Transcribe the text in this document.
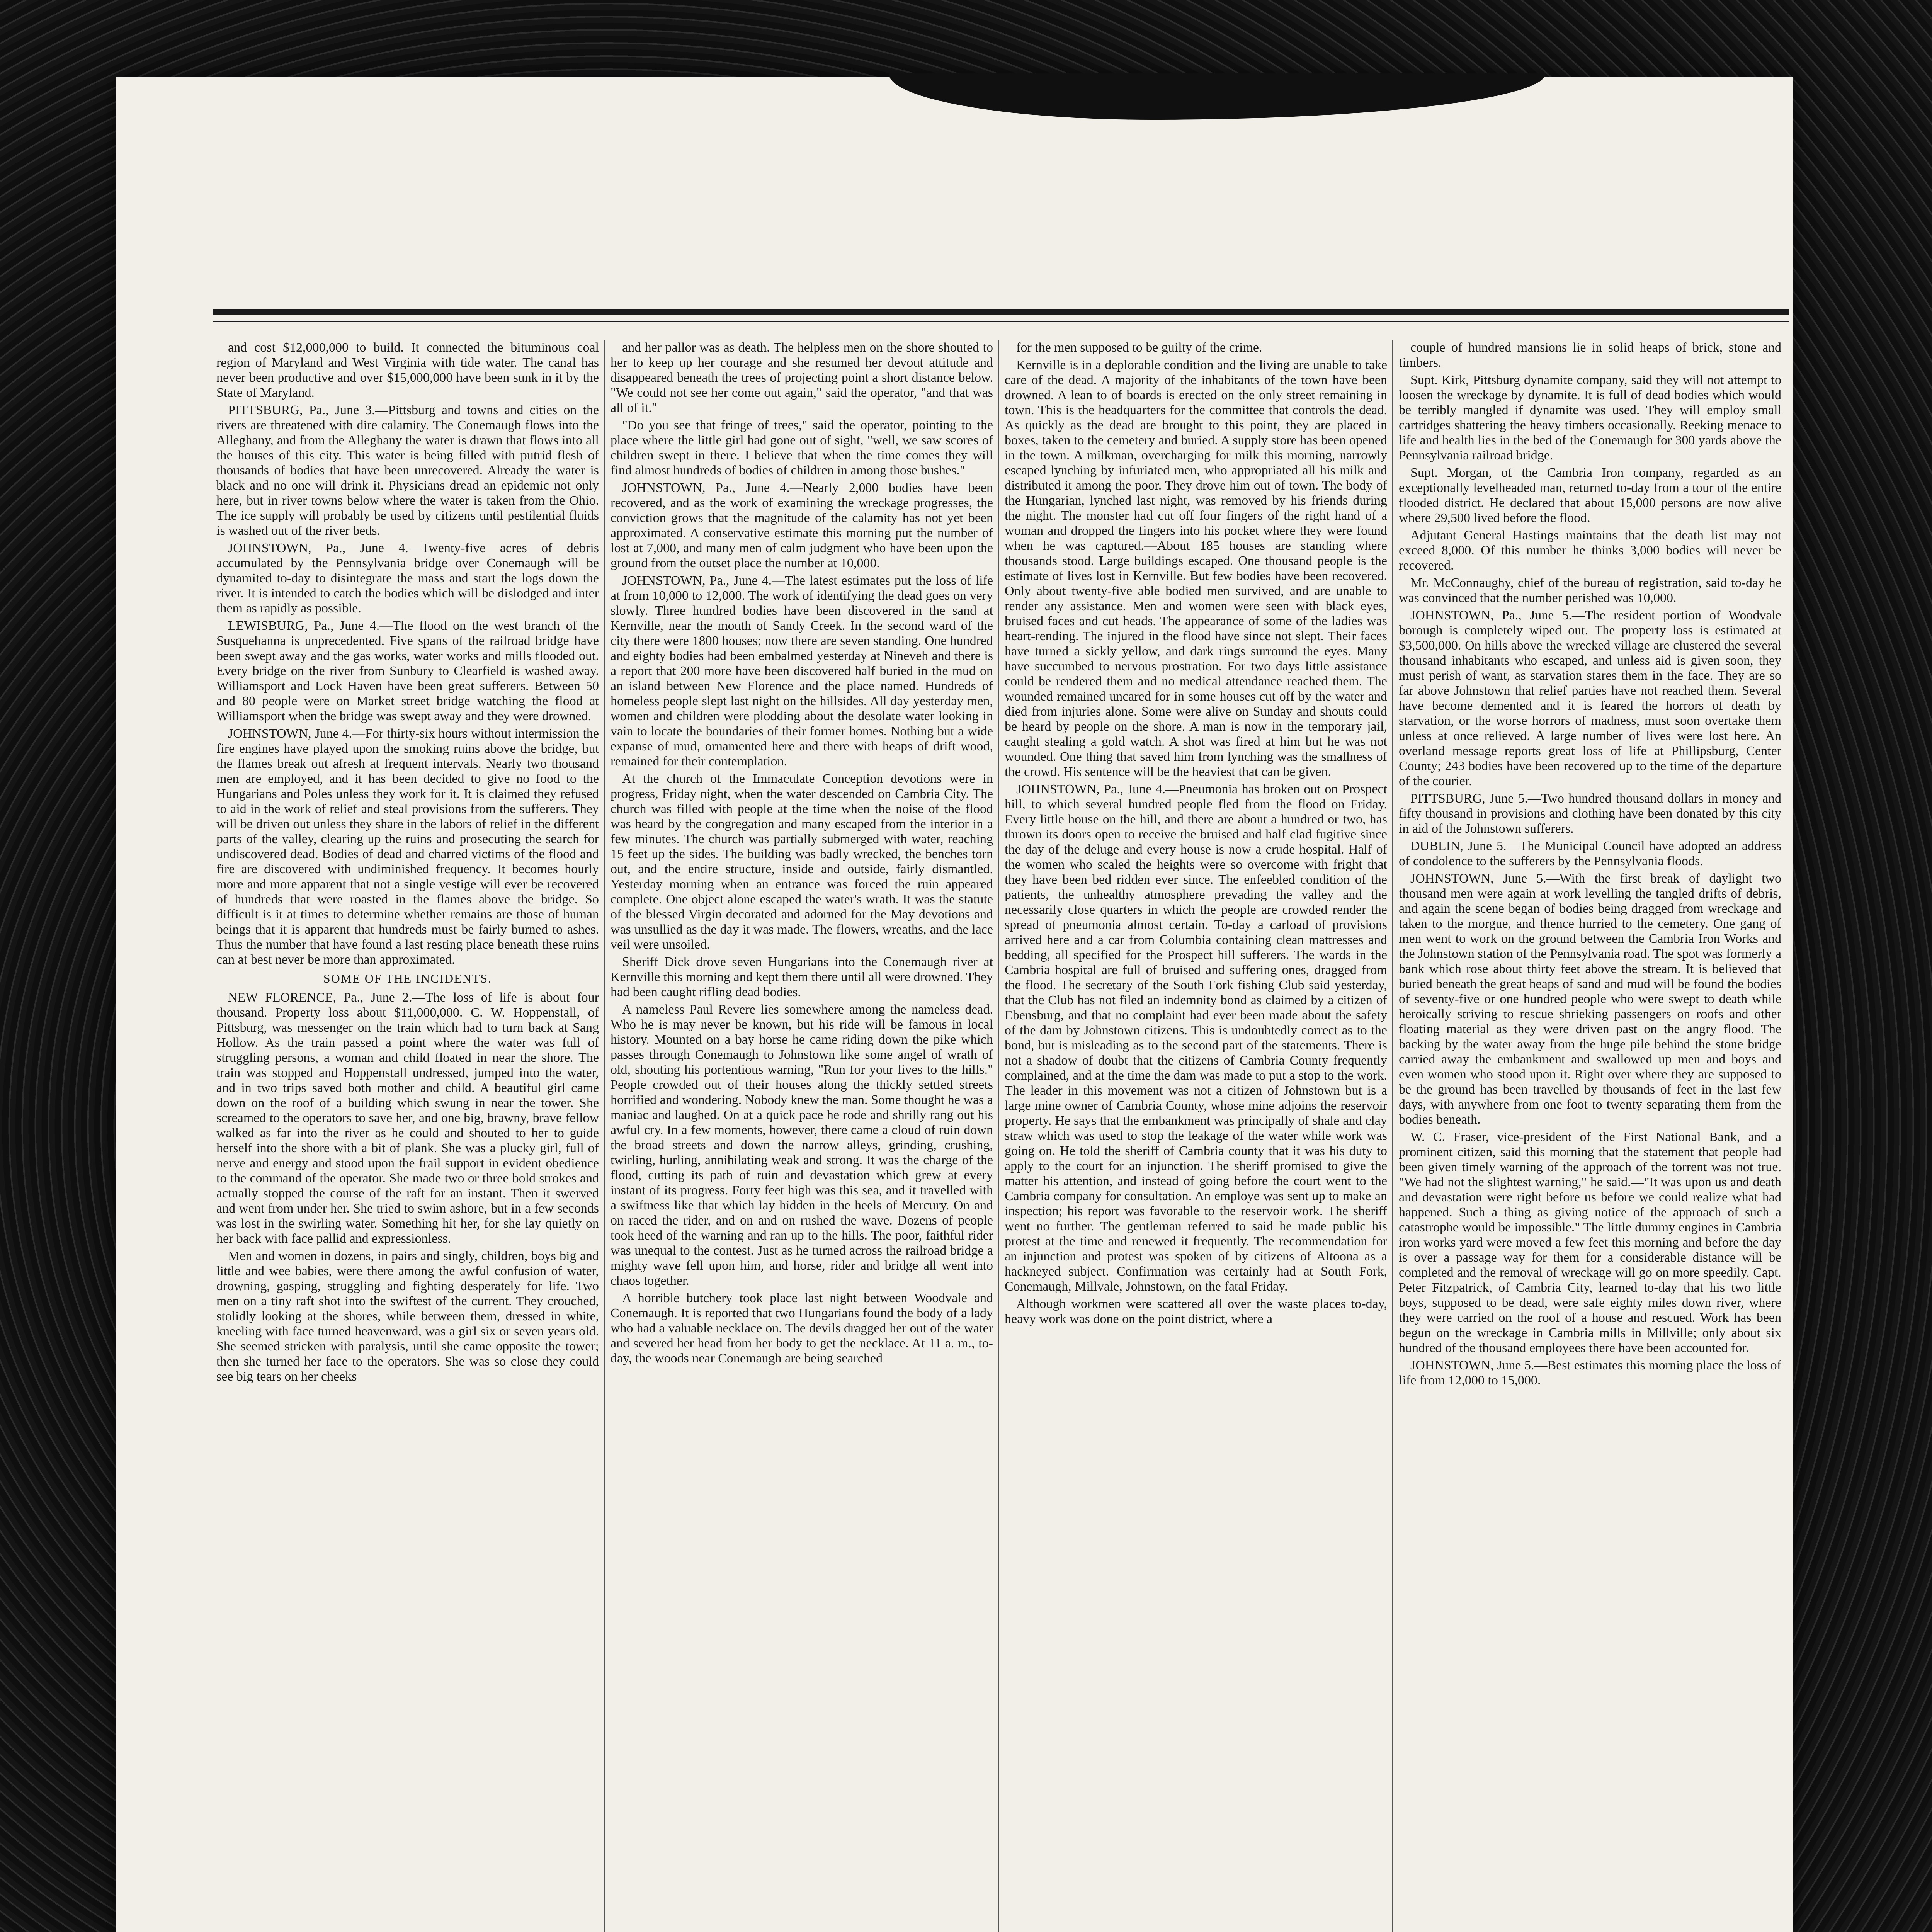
and cost $12,000,000 to build. It connected the bituminous coal region of Maryland and West Virginia with tide water. The canal has never been productive and over $15,000,000 have been sunk in it by the State of Maryland.

PITTSBURG, Pa., June 3.—Pittsburg and towns and cities on the rivers are threatened with dire calamity. The Conemaugh flows into the Alleghany, and from the Alleghany the water is drawn that flows into all the houses of this city. This water is being filled with putrid flesh of thousands of bodies that have been unrecovered. Already the water is black and no one will drink it. Physicians dread an epidemic not only here, but in river towns below where the water is taken from the Ohio. The ice supply will probably be used by citizens until pestilential fluids is washed out of the river beds.

JOHNSTOWN, Pa., June 4.—Twenty-five acres of debris accumulated by the Pennsylvania bridge over Conemaugh will be dynamited to-day to disintegrate the mass and start the logs down the river. It is intended to catch the bodies which will be dislodged and inter them as rapidly as possible.

LEWISBURG, Pa., June 4.—The flood on the west branch of the Susquehanna is unprecedented. Five spans of the railroad bridge have been swept away and the gas works, water works and mills flooded out. Every bridge on the river from Sunbury to Clearfield is washed away. Williamsport and Lock Haven have been great sufferers. Between 50 and 80 people were on Market street bridge watching the flood at Williamsport when the bridge was swept away and they were drowned.

JOHNSTOWN, June 4.—For thirty-six hours without intermission the fire engines have played upon the smoking ruins above the bridge, but the flames break out afresh at frequent intervals. Nearly two thousand men are employed, and it has been decided to give no food to the Hungarians and Poles unless they work for it. It is claimed they refused to aid in the work of relief and steal provisions from the sufferers. They will be driven out unless they share in the labors of relief in the different parts of the valley, clearing up the ruins and prosecuting the search for undiscovered dead. Bodies of dead and charred victims of the flood and fire are discovered with undiminished frequency. It becomes hourly more and more apparent that not a single vestige will ever be recovered of hundreds that were roasted in the flames above the bridge. So difficult is it at times to determine whether remains are those of human beings that it is apparent that hundreds must be fairly burned to ashes. Thus the number that have found a last resting place beneath these ruins can at best never be more than approximated.

SOME OF THE INCIDENTS.

NEW FLORENCE, Pa., June 2.—The loss of life is about four thousand. Property loss about $11,000,000. C. W. Hoppenstall, of Pittsburg, was messenger on the train which had to turn back at Sang Hollow. As the train passed a point where the water was full of struggling persons, a woman and child floated in near the shore. The train was stopped and Hoppenstall undressed, jumped into the water, and in two trips saved both mother and child. A beautiful girl came down on the roof of a building which swung in near the tower. She screamed to the operators to save her, and one big, brawny, brave fellow walked as far into the river as he could and shouted to her to guide herself into the shore with a bit of plank. She was a plucky girl, full of nerve and energy and stood upon the frail support in evident obedience to the command of the operator. She made two or three bold strokes and actually stopped the course of the raft for an instant. Then it swerved and went from under her. She tried to swim ashore, but in a few seconds was lost in the swirling water. Something hit her, for she lay quietly on her back with face pallid and expressionless.

Men and women in dozens, in pairs and singly, children, boys big and little and wee babies, were there among the awful confusion of water, drowning, gasping, struggling and fighting desperately for life. Two men on a tiny raft shot into the swiftest of the current. They crouched, stolidly looking at the shores, while between them, dressed in white, kneeling with face turned heavenward, was a girl six or seven years old. She seemed stricken with paralysis, until she came opposite the tower; then she turned her face to the operators. She was so close they could see big tears on her cheeks

and her pallor was as death. The helpless men on the shore shouted to her to keep up her courage and she resumed her devout attitude and disappeared beneath the trees of projecting point a short distance below. "We could not see her come out again," said the operator, "and that was all of it."

"Do you see that fringe of trees," said the operator, pointing to the place where the little girl had gone out of sight, "well, we saw scores of children swept in there. I believe that when the time comes they will find almost hundreds of bodies of children in among those bushes."

JOHNSTOWN, Pa., June 4.—Nearly 2,000 bodies have been recovered, and as the work of examining the wreckage progresses, the conviction grows that the magnitude of the calamity has not yet been approximated. A conservative estimate this morning put the number of lost at 7,000, and many men of calm judgment who have been upon the ground from the outset place the number at 10,000.

JOHNSTOWN, Pa., June 4.—The latest estimates put the loss of life at from 10,000 to 12,000. The work of identifying the dead goes on very slowly. Three hundred bodies have been discovered in the sand at Kernville, near the mouth of Sandy Creek. In the second ward of the city there were 1800 houses; now there are seven standing. One hundred and eighty bodies had been embalmed yesterday at Nineveh and there is a report that 200 more have been discovered half buried in the mud on an island between New Florence and the place named. Hundreds of homeless people slept last night on the hillsides. All day yesterday men, women and children were plodding about the desolate water looking in vain to locate the boundaries of their former homes. Nothing but a wide expanse of mud, ornamented here and there with heaps of drift wood, remained for their contemplation.

At the church of the Immaculate Conception devotions were in progress, Friday night, when the water descended on Cambria City. The church was filled with people at the time when the noise of the flood was heard by the congregation and many escaped from the interior in a few minutes. The church was partially submerged with water, reaching 15 feet up the sides. The building was badly wrecked, the benches torn out, and the entire structure, inside and outside, fairly dismantled. Yesterday morning when an entrance was forced the ruin appeared complete. One object alone escaped the water's wrath. It was the statute of the blessed Virgin decorated and adorned for the May devotions and was unsullied as the day it was made. The flowers, wreaths, and the lace veil were unsoiled.

Sheriff Dick drove seven Hungarians into the Conemaugh river at Kernville this morning and kept them there until all were drowned. They had been caught rifling dead bodies.

A nameless Paul Revere lies somewhere among the nameless dead. Who he is may never be known, but his ride will be famous in local history. Mounted on a bay horse he came riding down the pike which passes through Conemaugh to Johnstown like some angel of wrath of old, shouting his portentious warning, "Run for your lives to the hills." People crowded out of their houses along the thickly settled streets horrified and wondering. Nobody knew the man. Some thought he was a maniac and laughed. On at a quick pace he rode and shrilly rang out his awful cry. In a few moments, however, there came a cloud of ruin down the broad streets and down the narrow alleys, grinding, crushing, twirling, hurling, annihilating weak and strong. It was the charge of the flood, cutting its path of ruin and devastation which grew at every instant of its progress. Forty feet high was this sea, and it travelled with a swiftness like that which lay hidden in the heels of Mercury. On and on raced the rider, and on and on rushed the wave. Dozens of people took heed of the warning and ran up to the hills. The poor, faithful rider was unequal to the contest. Just as he turned across the railroad bridge a mighty wave fell upon him, and horse, rider and bridge all went into chaos together.

A horrible butchery took place last night between Woodvale and Conemaugh. It is reported that two Hungarians found the body of a lady who had a valuable necklace on. The devils dragged her out of the water and severed her head from her body to get the necklace. At 11 a. m., to-day, the woods near Conemaugh are being searched

for the men supposed to be guilty of the crime.

Kernville is in a deplorable condition and the living are unable to take care of the dead. A majority of the inhabitants of the town have been drowned. A lean to of boards is erected on the only street remaining in town. This is the headquarters for the committee that controls the dead. As quickly as the dead are brought to this point, they are placed in boxes, taken to the cemetery and buried. A supply store has been opened in the town. A milkman, overcharging for milk this morning, narrowly escaped lynching by infuriated men, who appropriated all his milk and distributed it among the poor. They drove him out of town. The body of the Hungarian, lynched last night, was removed by his friends during the night. The monster had cut off four fingers of the right hand of a woman and dropped the fingers into his pocket where they were found when he was captured.—About 185 houses are standing where thousands stood. Large buildings escaped. One thousand people is the estimate of lives lost in Kernville. But few bodies have been recovered. Only about twenty-five able bodied men survived, and are unable to render any assistance. Men and women were seen with black eyes, bruised faces and cut heads. The appearance of some of the ladies was heart-rending. The injured in the flood have since not slept. Their faces have turned a sickly yellow, and dark rings surround the eyes. Many have succumbed to nervous prostration. For two days little assistance could be rendered them and no medical attendance reached them. The wounded remained uncared for in some houses cut off by the water and died from injuries alone. Some were alive on Sunday and shouts could be heard by people on the shore. A man is now in the temporary jail, caught stealing a gold watch. A shot was fired at him but he was not wounded. One thing that saved him from lynching was the smallness of the crowd. His sentence will be the heaviest that can be given.

JOHNSTOWN, Pa., June 4.—Pneumonia has broken out on Prospect hill, to which several hundred people fled from the flood on Friday. Every little house on the hill, and there are about a hundred or two, has thrown its doors open to receive the bruised and half clad fugitive since the day of the deluge and every house is now a crude hospital. Half of the women who scaled the heights were so overcome with fright that they have been bed ridden ever since. The enfeebled condition of the patients, the unhealthy atmosphere prevading the valley and the necessarily close quarters in which the people are crowded render the spread of pneumonia almost certain. To-day a carload of provisions arrived here and a car from Columbia containing clean mattresses and bedding, all specified for the Prospect hill sufferers. The wards in the Cambria hospital are full of bruised and suffering ones, dragged from the flood. The secretary of the South Fork fishing Club said yesterday, that the Club has not filed an indemnity bond as claimed by a citizen of Ebensburg, and that no complaint had ever been made about the safety of the dam by Johnstown citizens. This is undoubtedly correct as to the bond, but is misleading as to the second part of the statements. There is not a shadow of doubt that the citizens of Cambria County frequently complained, and at the time the dam was made to put a stop to the work. The leader in this movement was not a citizen of Johnstown but is a large mine owner of Cambria County, whose mine adjoins the reservoir property. He says that the embankment was principally of shale and clay straw which was used to stop the leakage of the water while work was going on. He told the sheriff of Cambria county that it was his duty to apply to the court for an injunction. The sheriff promised to give the matter his attention, and instead of going before the court went to the Cambria company for consultation. An employe was sent up to make an inspection; his report was favorable to the reservoir work. The sheriff went no further. The gentleman referred to said he made public his protest at the time and renewed it frequently. The recommendation for an injunction and protest was spoken of by citizens of Altoona as a hackneyed subject. Confirmation was certainly had at South Fork, Conemaugh, Millvale, Johnstown, on the fatal Friday.

Although workmen were scattered all over the waste places to-day, heavy work was done on the point district, where a

couple of hundred mansions lie in solid heaps of brick, stone and timbers.

Supt. Kirk, Pittsburg dynamite company, said they will not attempt to loosen the wreckage by dynamite. It is full of dead bodies which would be terribly mangled if dynamite was used. They will employ small cartridges shattering the heavy timbers occasionally. Reeking menace to life and health lies in the bed of the Conemaugh for 300 yards above the Pennsylvania railroad bridge.

Supt. Morgan, of the Cambria Iron company, regarded as an exceptionally levelheaded man, returned to-day from a tour of the entire flooded district. He declared that about 15,000 persons are now alive where 29,500 lived before the flood.

Adjutant General Hastings maintains that the death list may not exceed 8,000. Of this number he thinks 3,000 bodies will never be recovered.

Mr. McConnaughy, chief of the bureau of registration, said to-day he was convinced that the number perished was 10,000.

JOHNSTOWN, Pa., June 5.—The resident portion of Woodvale borough is completely wiped out. The property loss is estimated at $3,500,000. On hills above the wrecked village are clustered the several thousand inhabitants who escaped, and unless aid is given soon, they must perish of want, as starvation stares them in the face. They are so far above Johnstown that relief parties have not reached them. Several have become demented and it is feared the horrors of death by starvation, or the worse horrors of madness, must soon overtake them unless at once relieved. A large number of lives were lost here. An overland message reports great loss of life at Phillipsburg, Center County; 243 bodies have been recovered up to the time of the departure of the courier.

PITTSBURG, June 5.—Two hundred thousand dollars in money and fifty thousand in provisions and clothing have been donated by this city in aid of the Johnstown sufferers.

DUBLIN, June 5.—The Municipal Council have adopted an address of condolence to the sufferers by the Pennsylvania floods.

JOHNSTOWN, June 5.—With the first break of daylight two thousand men were again at work levelling the tangled drifts of debris, and again the scene began of bodies being dragged from wreckage and taken to the morgue, and thence hurried to the cemetery. One gang of men went to work on the ground between the Cambria Iron Works and the Johnstown station of the Pennsylvania road. The spot was formerly a bank which rose about thirty feet above the stream. It is believed that buried beneath the great heaps of sand and mud will be found the bodies of seventy-five or one hundred people who were swept to death while heroically striving to rescue shrieking passengers on roofs and other floating material as they were driven past on the angry flood. The backing by the water away from the huge pile behind the stone bridge carried away the embankment and swallowed up men and boys and even women who stood upon it. Right over where they are supposed to be the ground has been travelled by thousands of feet in the last few days, with anywhere from one foot to twenty separating them from the bodies beneath.

W. C. Fraser, vice-president of the First National Bank, and a prominent citizen, said this morning that the statement that people had been given timely warning of the approach of the torrent was not true. "We had not the slightest warning," he said.—"It was upon us and death and devastation were right before us before we could realize what had happened. Such a thing as giving notice of the approach of such a catastrophe would be impossible." The little dummy engines in Cambria iron works yard were moved a few feet this morning and before the day is over a passage way for them for a considerable distance will be completed and the removal of wreckage will go on more speedily. Capt. Peter Fitzpatrick, of Cambria City, learned to-day that his two little boys, supposed to be dead, were safe eighty miles down river, where they were carried on the roof of a house and rescued. Work has been begun on the wreckage in Cambria mills in Millville; only about six hundred of the thousand employees there have been accounted for.

JOHNSTOWN, June 5.—Best estimates this morning place the loss of life from 12,000 to 15,000.
